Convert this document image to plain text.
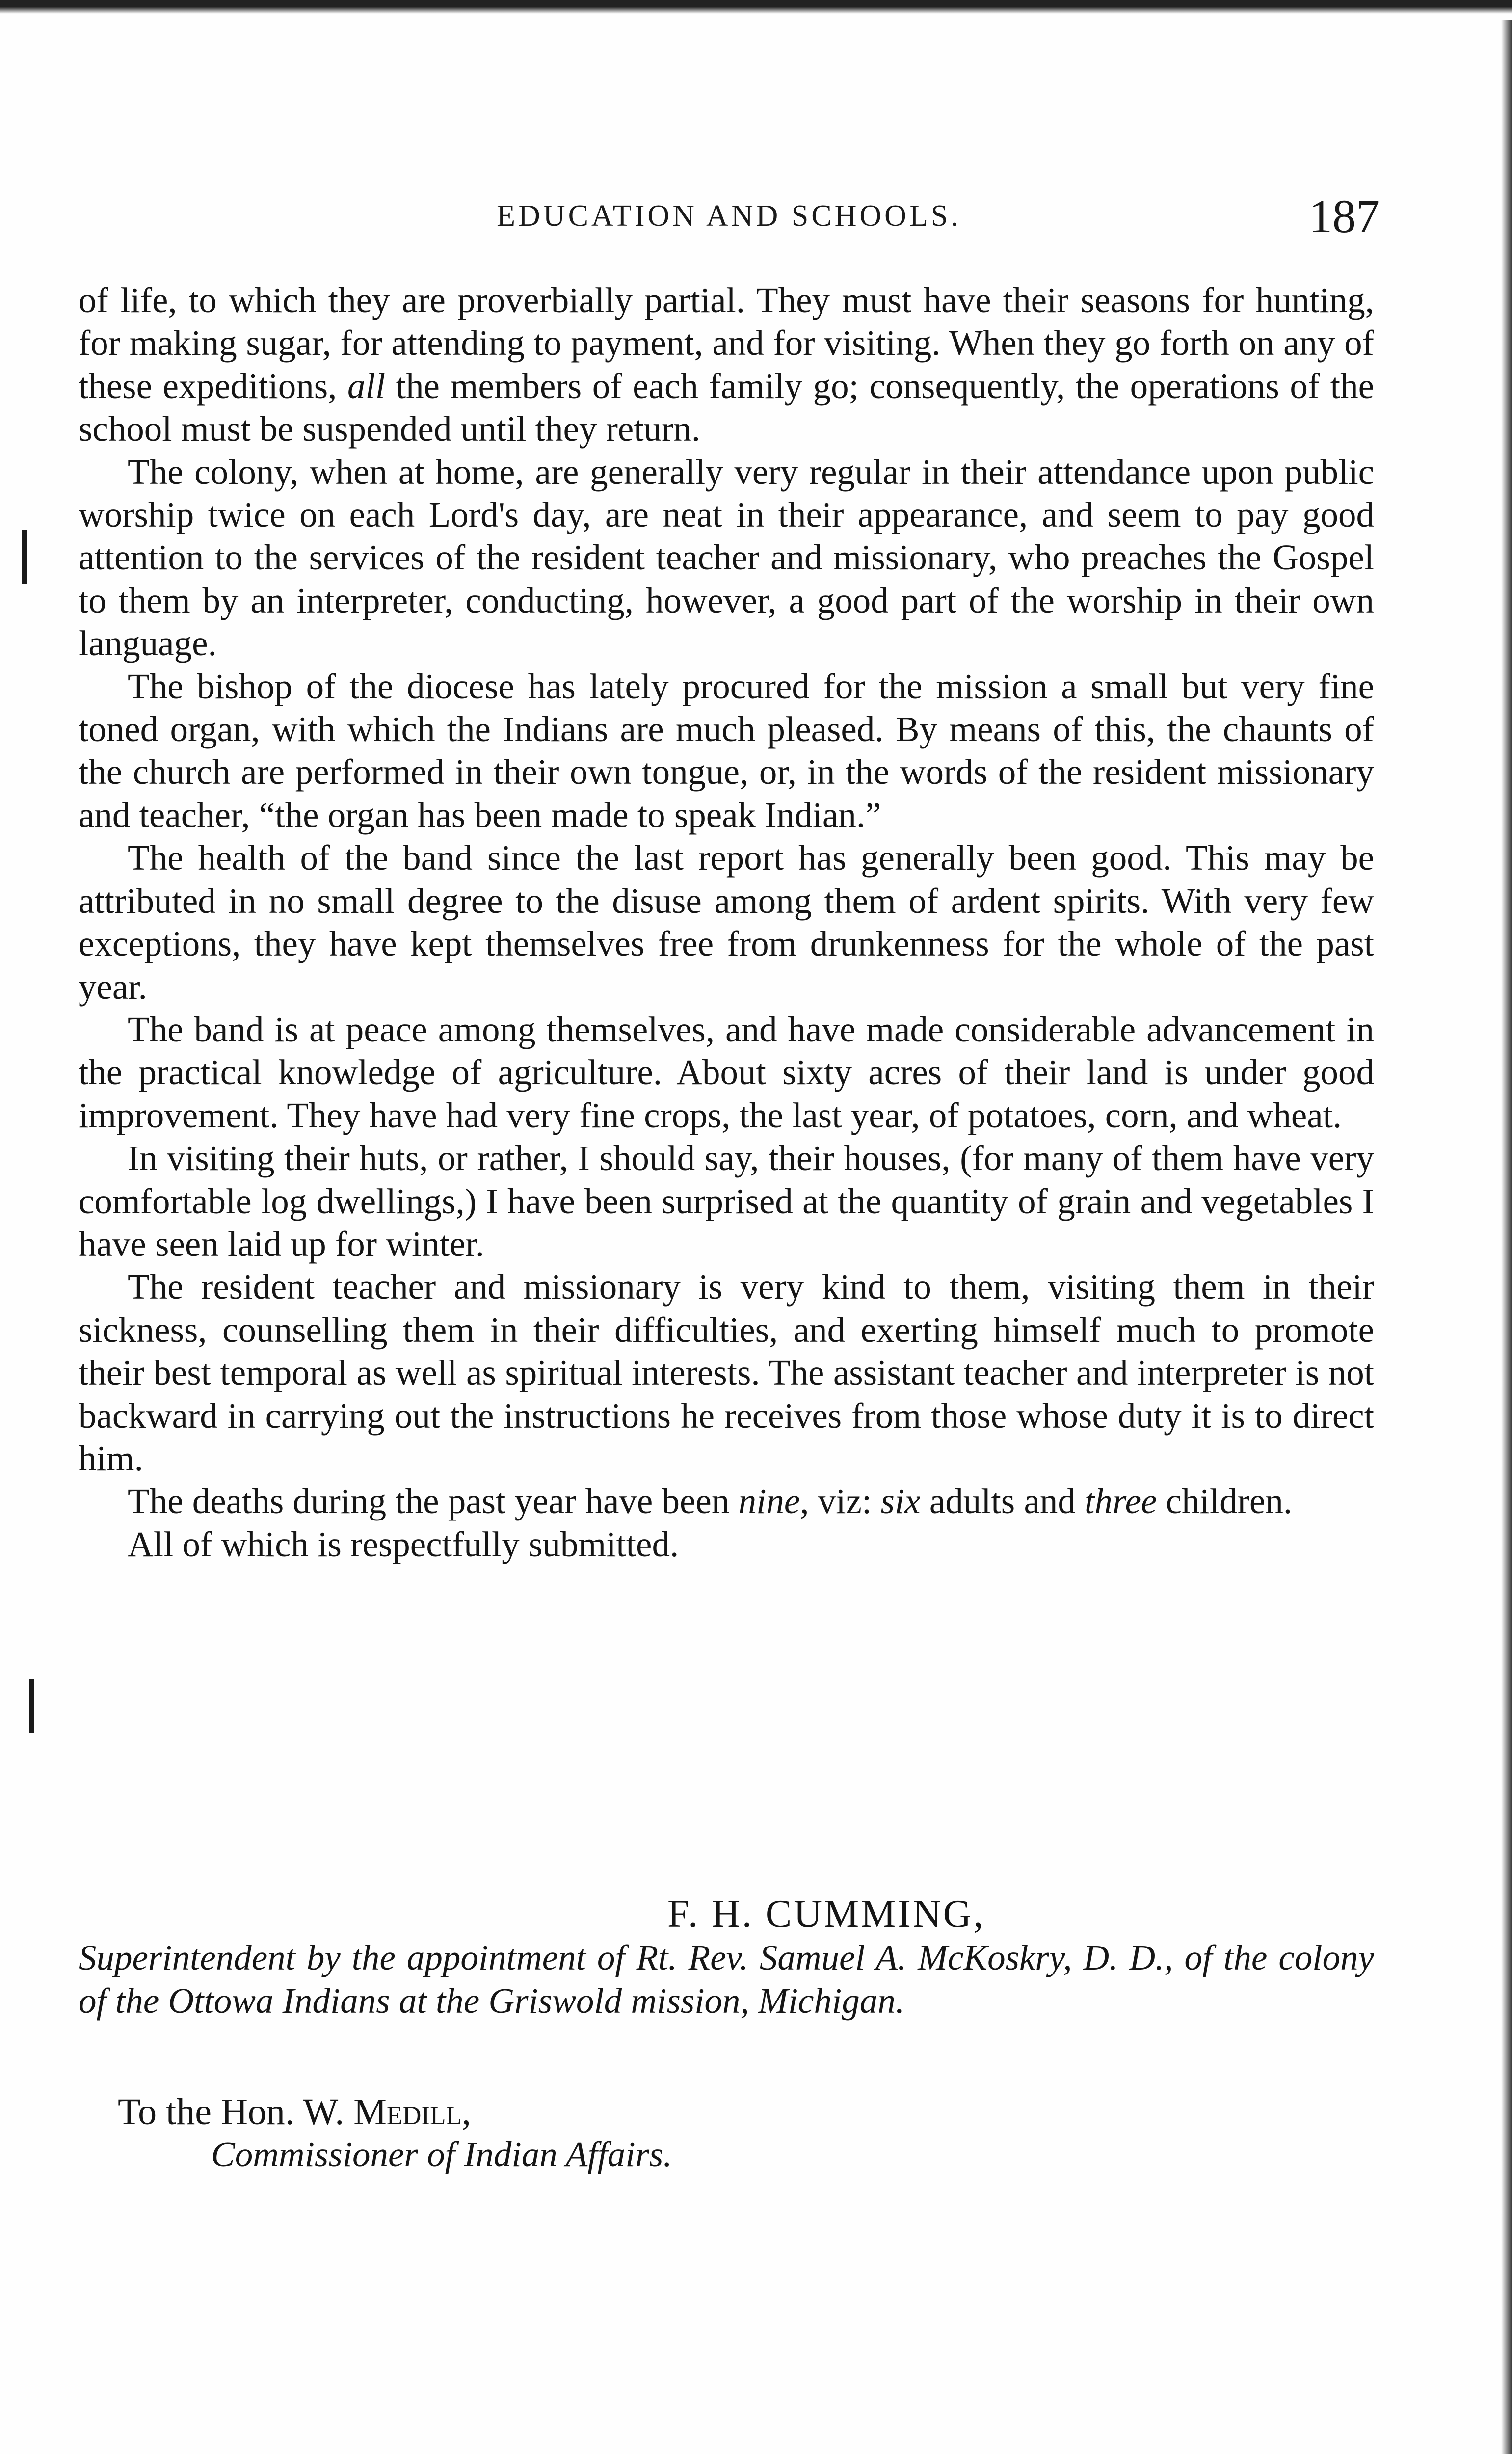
EDUCATION AND SCHOOLS.	187

of life, to which they are proverbially partial. They must have their seasons for hunting, for making sugar, for attending to payment, and for visiting. When they go forth on any of these expeditions, all the members of each family go; consequently, the operations of the school must be suspended until they return.

The colony, when at home, are generally very regular in their attendance upon public worship twice on each Lord's day, are neat in their appearance, and seem to pay good attention to the services of the resident teacher and missionary, who preaches the Gospel to them by an interpreter, conducting, however, a good part of the worship in their own language.

The bishop of the diocese has lately procured for the mission a small but very fine toned organ, with which the Indians are much pleased. By means of this, the chaunts of the church are performed in their own tongue, or, in the words of the resident missionary and teacher, “the organ has been made to speak Indian.”

The health of the band since the last report has generally been good. This may be attributed in no small degree to the disuse among them of ardent spirits. With very few exceptions, they have kept themselves free from drunkenness for the whole of the past year.

The band is at peace among themselves, and have made considerable advancement in the practical knowledge of agriculture. About sixty acres of their land is under good improvement. They have had very fine crops, the last year, of potatoes, corn, and wheat.

In visiting their huts, or rather, I should say, their houses, (for many of them have very comfortable log dwellings,) I have been surprised at the quantity of grain and vegetables I have seen laid up for winter.

The resident teacher and missionary is very kind to them, visiting them in their sickness, counselling them in their difficulties, and exerting himself much to promote their best temporal as well as spiritual interests. The assistant teacher and interpreter is not backward in carrying out the instructions he receives from those whose duty it is to direct him.

The deaths during the past year have been nine, viz: six adults and three children.

All of which is respectfully submitted.

F. H. CUMMING,
Superintendent by the appointment of Rt. Rev. Samuel A. McKoskry, D. D., of the colony of the Ottowa Indians at the Griswold mission, Michigan.
To the Hon. W. Medill,
Commissioner of Indian Affairs.
